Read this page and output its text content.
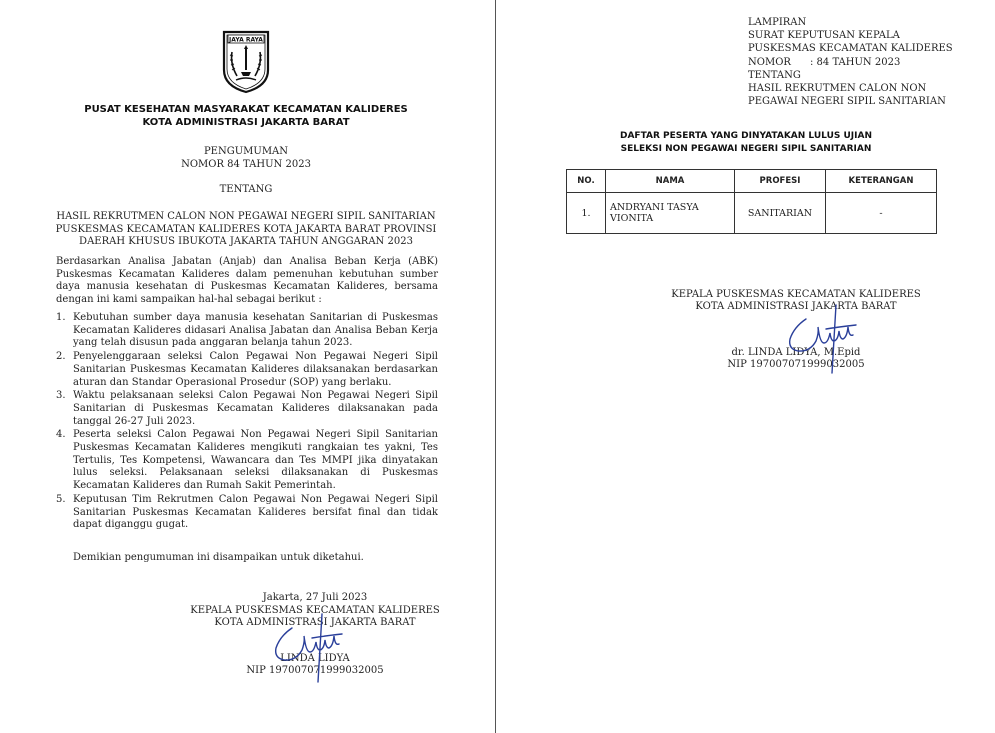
JAYA RAYA
PUSAT KESEHATAN MASYARAKAT KECAMATAN KALIDERES
KOTA ADMINISTRASI JAKARTA BARAT
PENGUMUMAN
NOMOR 84 TAHUN 2023
TENTANG
HASIL REKRUTMEN CALON NON PEGAWAI NEGERI SIPIL SANITARIAN
PUSKESMAS KECAMATAN KALIDERES KOTA JAKARTA BARAT PROVINSI
DAERAH KHUSUS IBUKOTA JAKARTA TAHUN ANGGARAN 2023
Berdasarkan Analisa Jabatan (Anjab) dan Analisa Beban Kerja (ABK) Puskesmas Kecamatan Kalideres dalam pemenuhan kebutuhan sumber daya manusia kesehatan di Puskesmas Kecamatan Kalideres, bersama dengan ini kami sampaikan hal-hal sebagai berikut :
1. Kebutuhan sumber daya manusia kesehatan Sanitarian di Puskesmas Kecamatan Kalideres didasari Analisa Jabatan dan Analisa Beban Kerja yang telah disusun pada anggaran belanja tahun 2023.
2. Penyelenggaraan seleksi Calon Pegawai Non Pegawai Negeri Sipil Sanitarian Puskesmas Kecamatan Kalideres dilaksanakan berdasarkan aturan dan Standar Operasional Prosedur (SOP) yang berlaku.
3. Waktu pelaksanaan seleksi Calon Pegawai Non Pegawai Negeri Sipil Sanitarian di Puskesmas Kecamatan Kalideres dilaksanakan pada tanggal 26-27 Juli 2023.
4. Peserta seleksi Calon Pegawai Non Pegawai Negeri Sipil Sanitarian Puskesmas Kecamatan Kalideres mengikuti rangkaian tes yakni, Tes Tertulis, Tes Kompetensi, Wawancara dan Tes MMPI jika dinyatakan lulus seleksi. Pelaksanaan seleksi dilaksanakan di Puskesmas Kecamatan Kalideres dan Rumah Sakit Pemerintah.
5. Keputusan Tim Rekrutmen Calon Pegawai Non Pegawai Negeri Sipil Sanitarian Puskesmas Kecamatan Kalideres bersifat final dan tidak dapat diganggu gugat.
Demikian pengumuman ini disampaikan untuk diketahui.
Jakarta, 27 Juli 2023
KEPALA PUSKESMAS KECAMATAN KALIDERES
KOTA ADMINISTRASI JAKARTA BARAT
LINDA LIDYA
NIP 197007071999032005
LAMPIRAN
SURAT KEPUTUSAN KEPALA
PUSKESMAS KECAMATAN KALIDERES
NOMOR      : 84 TAHUN 2023
TENTANG
HASIL REKRUTMEN CALON NON
PEGAWAI NEGERI SIPIL SANITARIAN
DAFTAR PESERTA YANG DINYATAKAN LULUS UJIAN
SELEKSI NON PEGAWAI NEGERI SIPIL SANITARIAN
NO.	NAMA	PROFESI	KETERANGAN
1.	ANDRYANI TASYA VIONITA	SANITARIAN	-
KEPALA PUSKESMAS KECAMATAN KALIDERES
KOTA ADMINISTRASI JAKARTA BARAT
dr. LINDA LIDYA, M.Epid
NIP 197007071999032005
